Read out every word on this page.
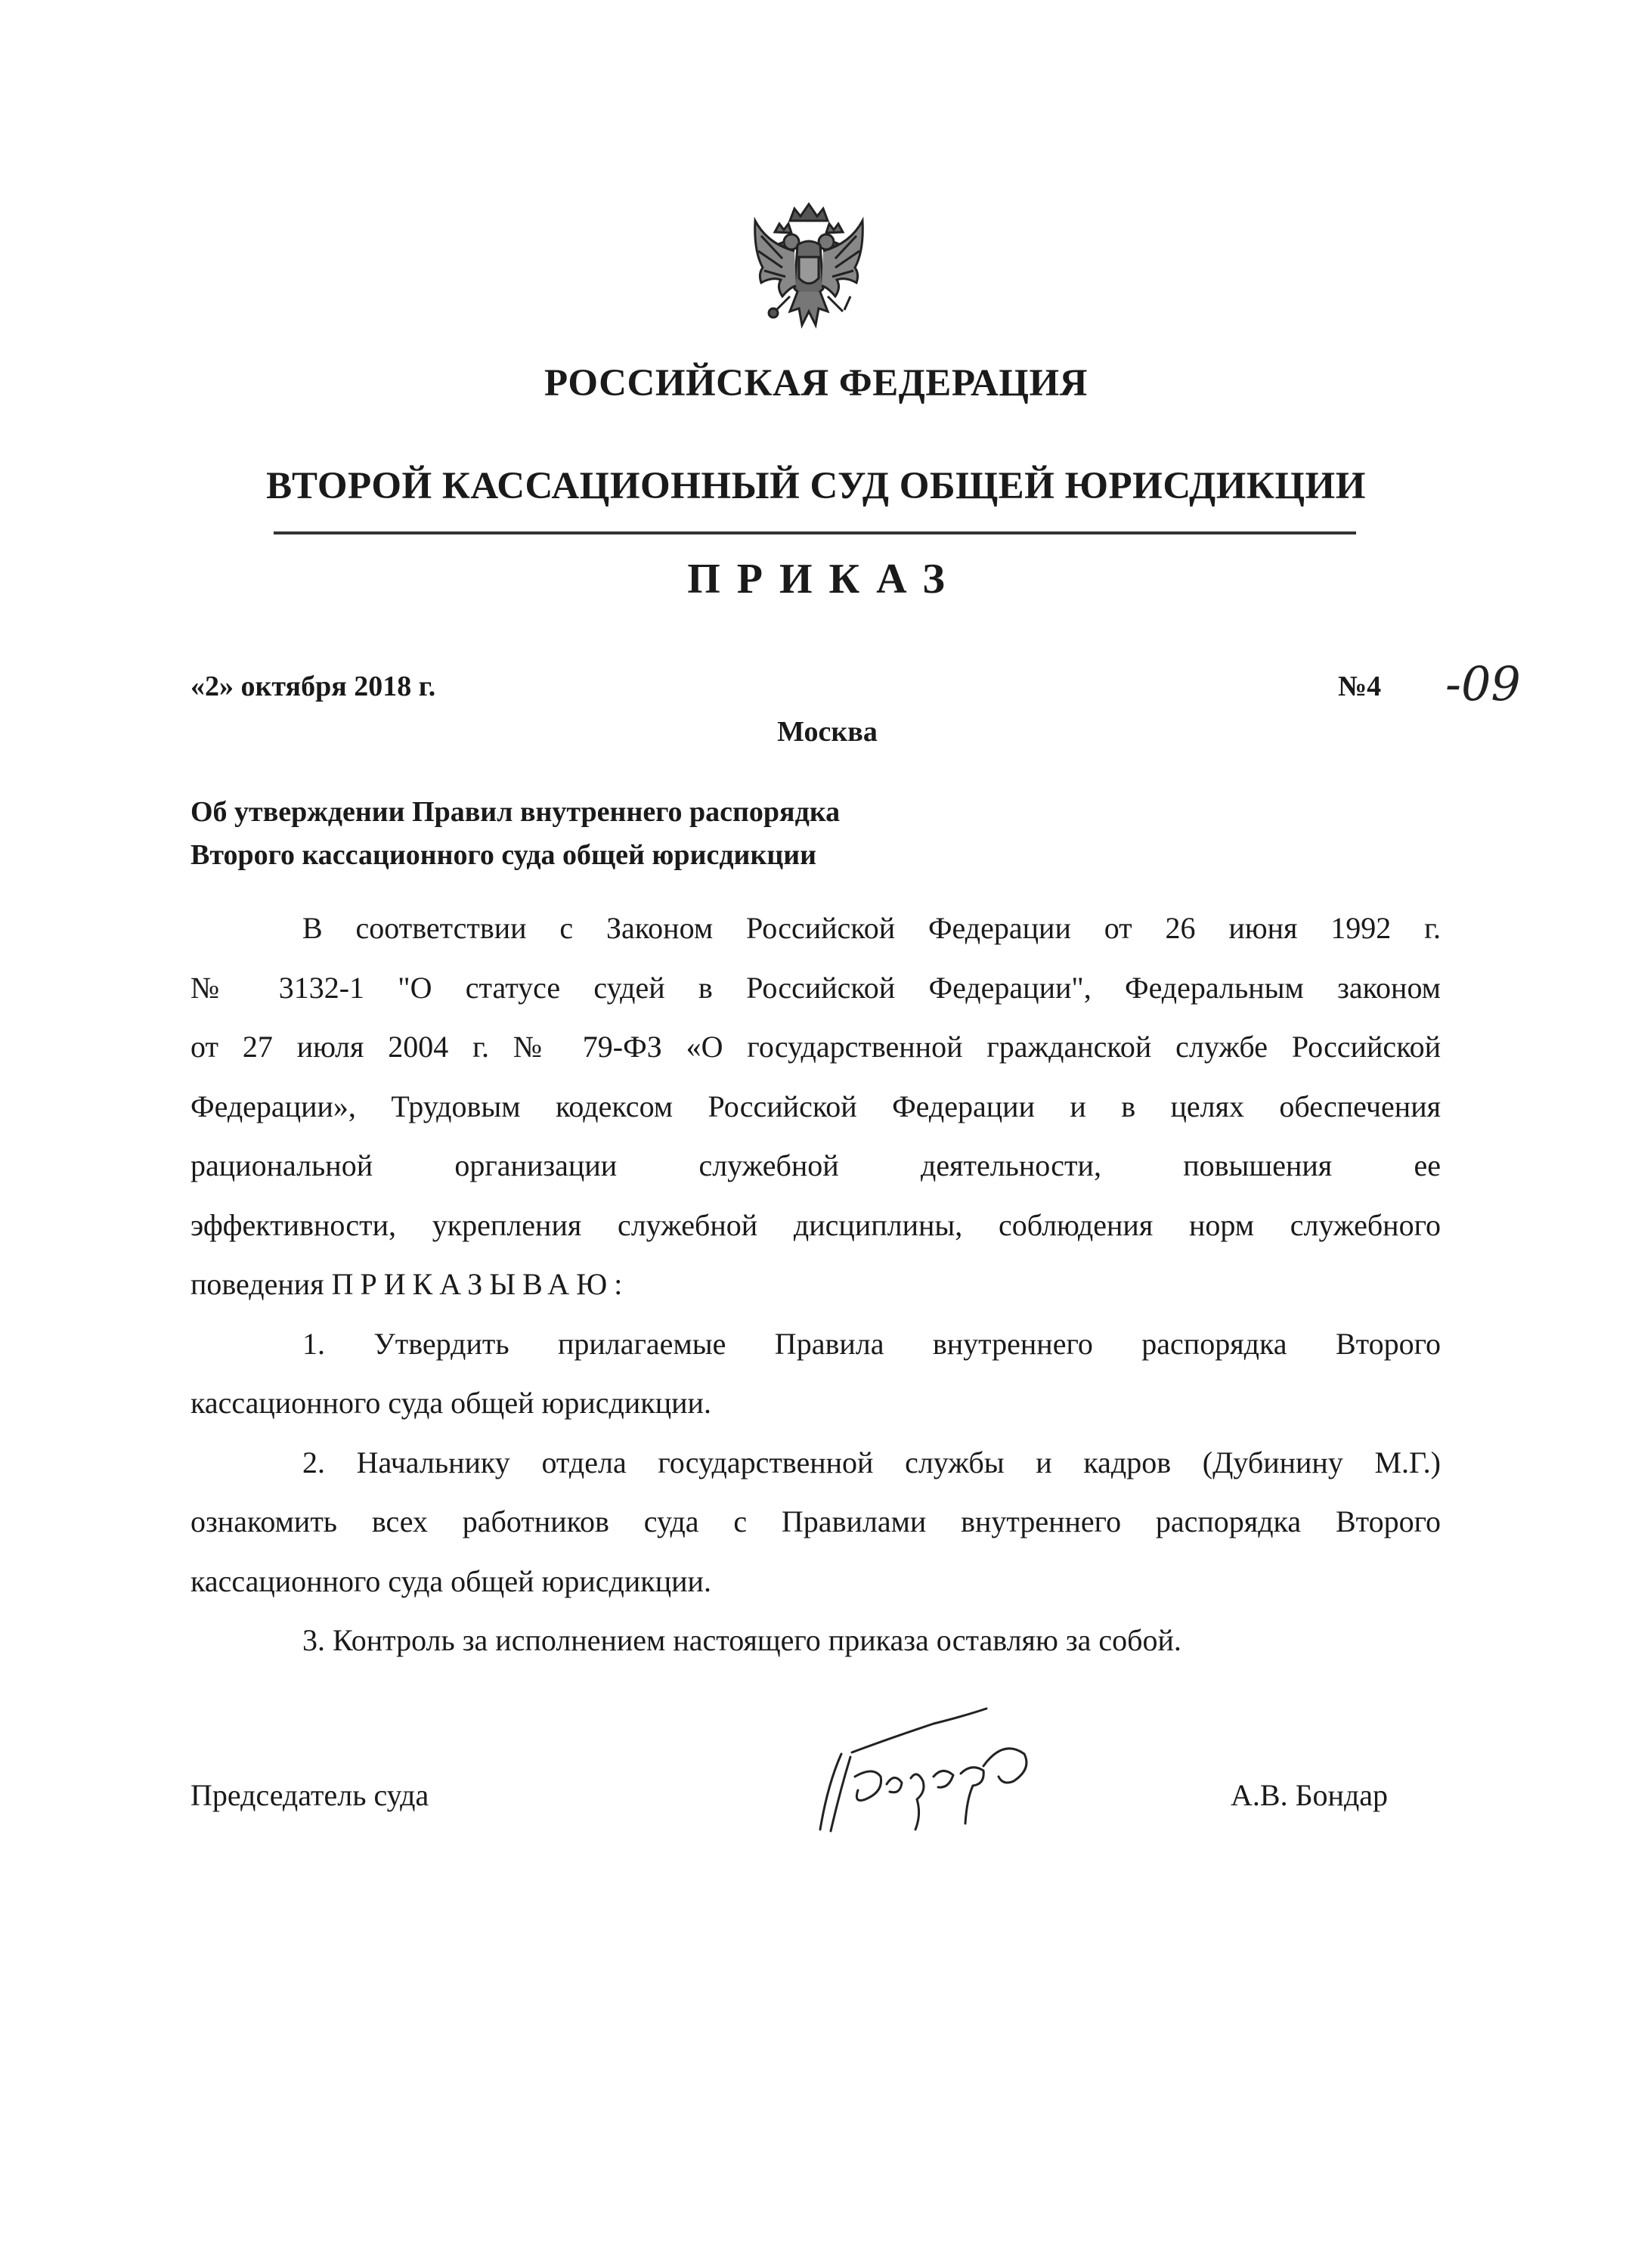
РОССИЙСКАЯ ФЕДЕРАЦИЯ
ВТОРОЙ КАССАЦИОННЫЙ СУД ОБЩЕЙ ЮРИСДИКЦИИ
ПРИКАЗ
«2» октября 2018 г.	№4 -09
Москва
Об утверждении Правил внутреннего распорядка
Второго кассационного суда общей юрисдикции
В соответствии с Законом Российской Федерации от 26 июня 1992 г.
№ 3132-1 "О статусе судей в Российской Федерации", Федеральным законом
от 27 июля 2004 г. № 79-ФЗ «О государственной гражданской службе Российской
Федерации», Трудовым кодексом Российской Федерации и в целях обеспечения
рациональной организации служебной деятельности, повышения ее
эффективности, укрепления служебной дисциплины, соблюдения норм служебного
поведения ПРИКАЗЫВАЮ:
1. Утвердить прилагаемые Правила внутреннего распорядка Второго
кассационного суда общей юрисдикции.
2. Начальнику отдела государственной службы и кадров (Дубинину М.Г.)
ознакомить всех работников суда с Правилами внутреннего распорядка Второго
кассационного суда общей юрисдикции.
3. Контроль за исполнением настоящего приказа оставляю за собой.
Председатель суда	А.В. Бондар
